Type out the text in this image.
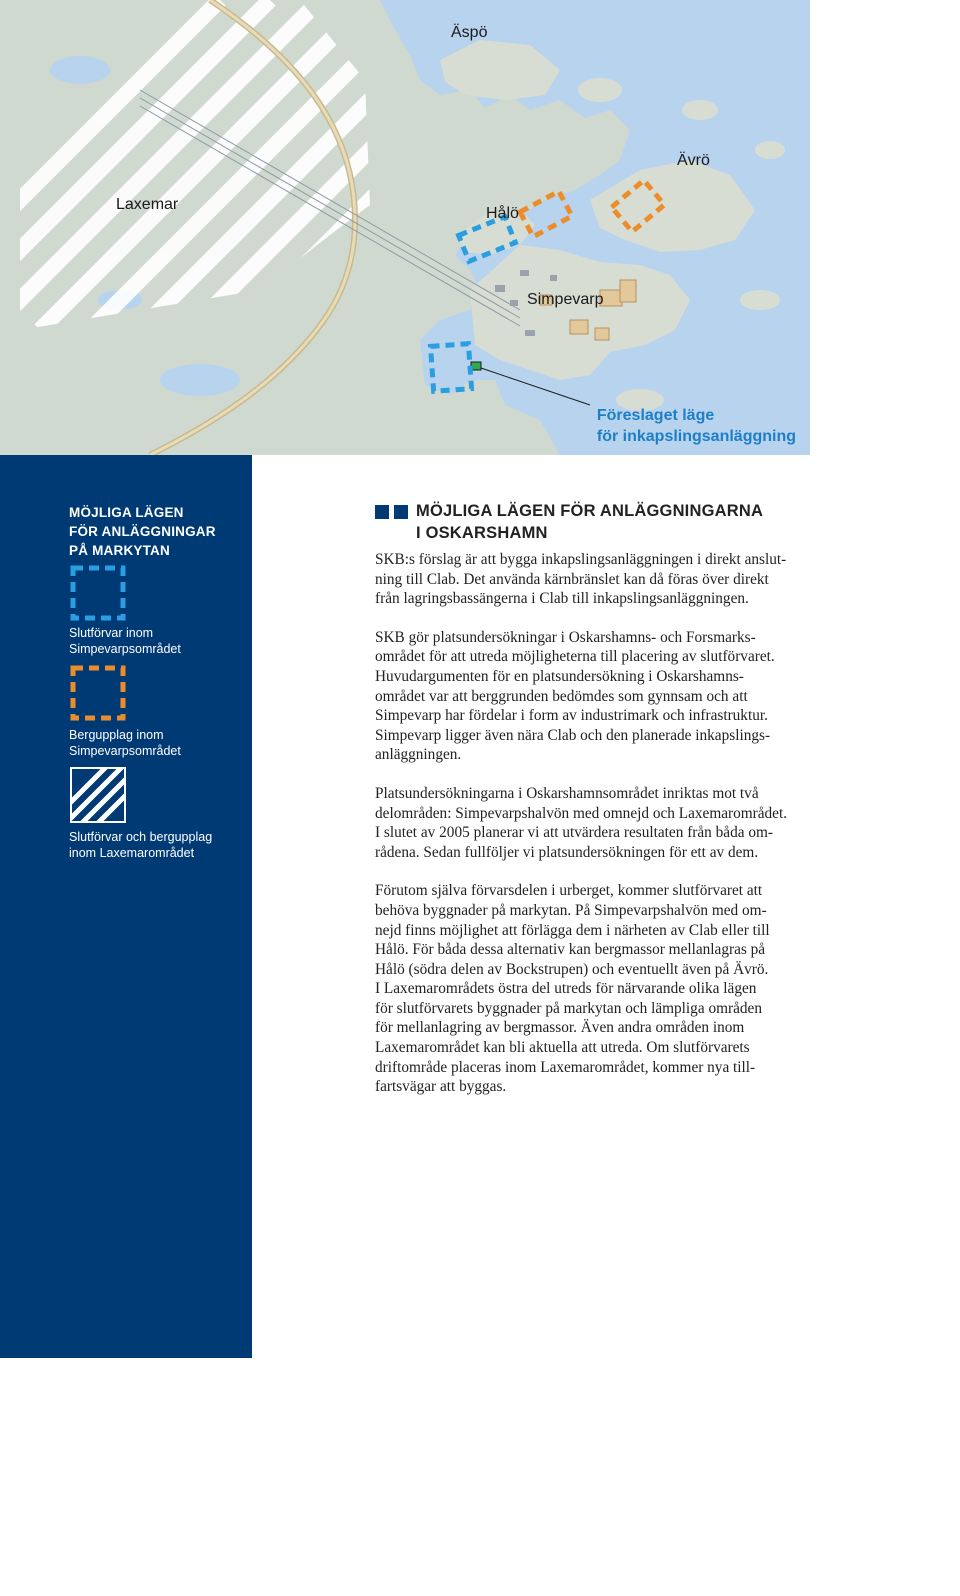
Äspö
Ävrö
Laxemar
Hålö
Simpevarp
Föreslaget läge
för inkapslingsanläggning
MÖJLIGA LÄGEN
FÖR ANLÄGGNINGAR
PÅ MARKYTAN
Slutförvar inom
Simpevarpsområdet
Bergupplag inom
Simpevarpsområdet
Slutförvar och bergupplag
inom Laxemarområdet
SID 4
MÖJLIGA LÄGEN FÖR ANLÄGGNINGARNA
I OSKARSHAMN
SKB:s förslag är att bygga inkapslingsanläggningen i direkt anslut-
ning till Clab. Det använda kärnbränslet kan då föras över direkt
från lagringsbassängerna i Clab till inkapslingsanläggningen.
SKB gör platsundersökningar i Oskarshamns- och Forsmarks-
området för att utreda möjligheterna till placering av slutförvaret.
Huvudargumenten för en platsundersökning i Oskarshamns-
området var att berggrunden bedömdes som gynnsam och att
Simpevarp har fördelar i form av industrimark och infrastruktur.
Simpevarp ligger även nära Clab och den planerade inkapslings-
anläggningen.
Platsundersökningarna i Oskarshamnsområdet inriktas mot två
delområden: Simpevarpshalvön med omnejd och Laxemarområdet.
I slutet av 2005 planerar vi att utvärdera resultaten från båda om-
rådena. Sedan fullföljer vi platsundersökningen för ett av dem.
Förutom själva förvarsdelen i urberget, kommer slutförvaret att
behöva byggnader på markytan. På Simpevarpshalvön med om-
nejd finns möjlighet att förlägga dem i närheten av Clab eller till
Hålö. För båda dessa alternativ kan bergmassor mellanlagras på
Hålö (södra delen av Bockstrupen) och eventuellt även på Ävrö.
I Laxemarområdets östra del utreds för närvarande olika lägen
för slutförvarets byggnader på markytan och lämpliga områden
för mellanlagring av bergmassor. Även andra områden inom
Laxemarområdet kan bli aktuella att utreda. Om slutförvarets
driftområde placeras inom Laxemarområdet, kommer nya till-
fartsvägar att byggas.
